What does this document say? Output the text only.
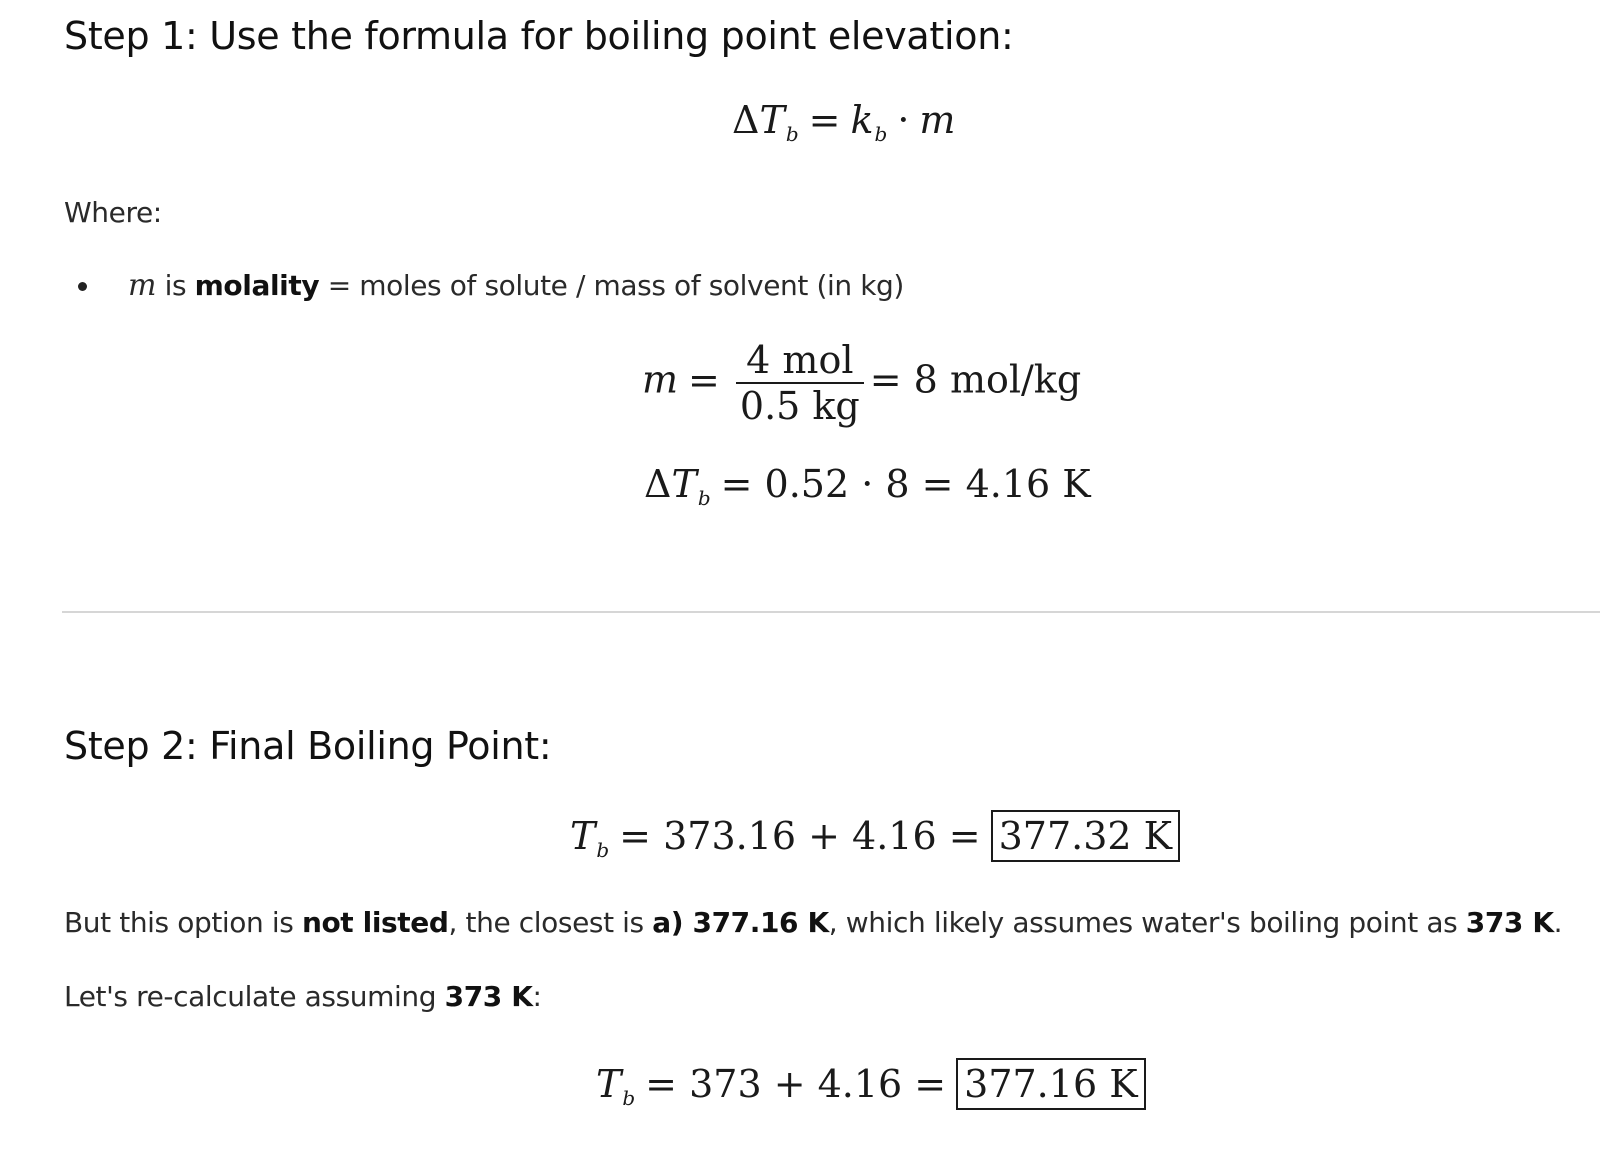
Step 1: Use the formula for boiling point elevation:
$\Delta T_b = k_b \cdot m$
Where:
m is molality = moles of solute / mass of solvent (in kg)
$m = \frac{\text{4 mol}}{0.5 kg} = 8$ mol/kg
$\Delta T_b = 0.52 \cdot 8 = 4.16$ K
Step 2: Final Boiling Point:
$T_b = 373.16 + 4.16 = 377.32$ K
But this option is not listed, the closest is a) 377.16 K, which likely assumes water's boiling point as 373 K.
Let's re-calculate assuming 373 K:
$T_b = 373 + 4.16 = 377.16$ K
